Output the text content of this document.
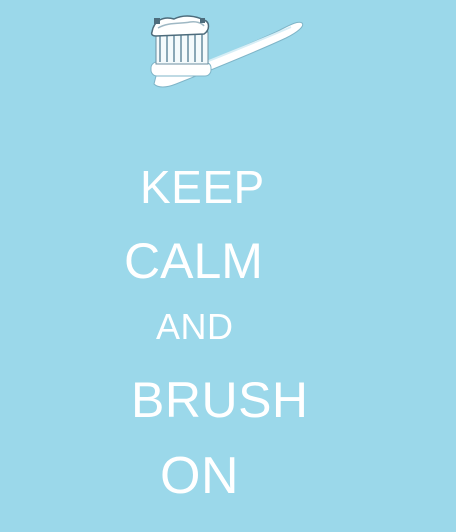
KEEP
CALM
AND
BRUSH
ON
